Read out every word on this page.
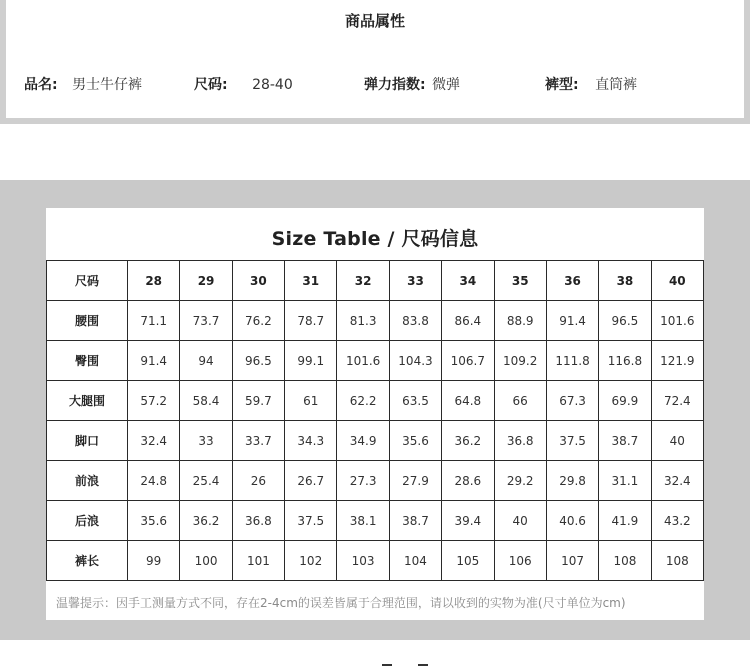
商品属性
品名: 男士牛仔裤	尺码: 28-40	弹力指数: 微弹	裤型: 直筒裤
Size Table / 尺码信息
尺码	28	29	30	31	32	33	34	35	36	38	40
腰围	71.1	73.7	76.2	78.7	81.3	83.8	86.4	88.9	91.4	96.5	101.6
臀围	91.4	94	96.5	99.1	101.6	104.3	106.7	109.2	111.8	116.8	121.9
大腿围	57.2	58.4	59.7	61	62.2	63.5	64.8	66	67.3	69.9	72.4
脚口	32.4	33	33.7	34.3	34.9	35.6	36.2	36.8	37.5	38.7	40
前浪	24.8	25.4	26	26.7	27.3	27.9	28.6	29.2	29.8	31.1	32.4
后浪	35.6	36.2	36.8	37.5	38.1	38.7	39.4	40	40.6	41.9	43.2
裤长	99	100	101	102	103	104	105	106	107	108	108
温馨提示：因手工测量方式不同，存在2-4cm的误差皆属于合理范围，请以收到的实物为准(尺寸单位为cm)
